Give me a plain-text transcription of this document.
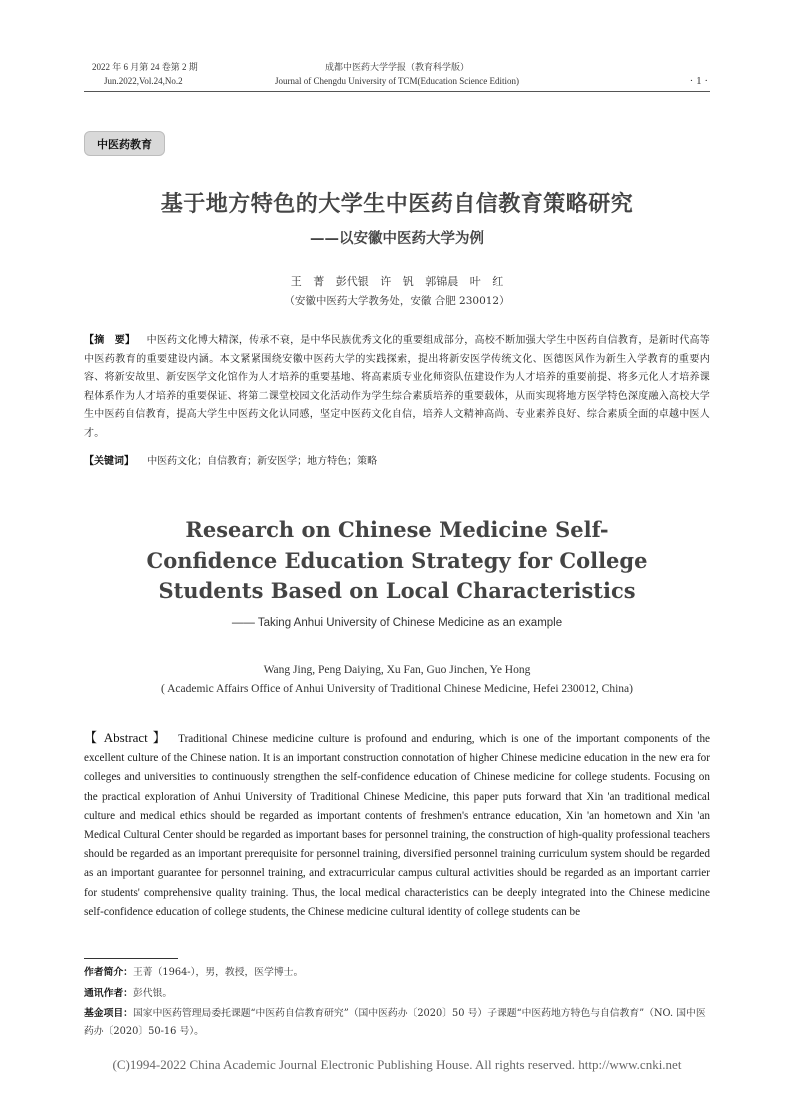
2022 年 6 月第 24 卷第 2 期
Jun.2022,Vol.24,No.2
成都中医药大学学报（教育科学版）
Journal of Chengdu University of TCM(Education Science Edition)	· 1 ·
中医药教育
基于地方特色的大学生中医药自信教育策略研究
——以安徽中医药大学为例
王 菁 彭代银 许 钒 郭锦晨 叶 红
（安徽中医药大学教务处，安徽 合肥 230012）
【摘　要】 中医药文化博大精深，传承不衰，是中华民族优秀文化的重要组成部分，高校不断加强大学生中医药自信教育，是新时代高等中医药教育的重要建设内涵。本文紧紧围绕安徽中医药大学的实践探索，提出将新安医学传统文化、医德医风作为新生入学教育的重要内容、将新安故里、新安医学文化馆作为人才培养的重要基地、将高素质专业化师资队伍建设作为人才培养的重要前提、将多元化人才培养课程体系作为人才培养的重要保证、将第二课堂校园文化活动作为学生综合素质培养的重要载体，从而实现将地方医学特色深度融入高校大学生中医药自信教育，提高大学生中医药文化认同感，坚定中医药文化自信，培养人文精神高尚、专业素养良好、综合素质全面的卓越中医人才。
【关键词】 中医药文化；自信教育；新安医学；地方特色；策略
Research on Chinese Medicine Self-
Confidence Education Strategy for College
Students Based on Local Characteristics
—— Taking Anhui University of Chinese Medicine as an example
Wang Jing, Peng Daiying, Xu Fan, Guo Jinchen, Ye Hong
( Academic Affairs Office of Anhui University of Traditional Chinese Medicine, Hefei 230012, China)
【 Abstract 】 Traditional Chinese medicine culture is profound and enduring, which is one of the important components of the excellent culture of the Chinese nation. It is an important construction connotation of higher Chinese medicine education in the new era for colleges and universities to continuously strengthen the self-confidence education of Chinese medicine for college students. Focusing on the practical exploration of Anhui University of Traditional Chinese Medicine, this paper puts forward that Xin 'an traditional medical culture and medical ethics should be regarded as important contents of freshmen's entrance education, Xin 'an hometown and Xin 'an Medical Cultural Center should be regarded as important bases for personnel training, the construction of high-quality professional teachers should be regarded as an important prerequisite for personnel training, diversified personnel training curriculum system should be regarded as an important guarantee for personnel training, and extracurricular campus cultural activities should be regarded as an important carrier for students' comprehensive quality training. Thus, the local medical characteristics can be deeply integrated into the Chinese medicine self-confidence education of college students, the Chinese medicine cultural identity of college students can be
作者简介：王菁（1964-），男，教授，医学博士。
通讯作者：彭代银。
基金项目：国家中医药管理局委托课题“中医药自信教育研究”（国中医药办〔2020〕50 号）子课题“中医药地方特色与自信教育”（NO. 国中医药办〔2020〕50-16 号）。
(C)1994-2022 China Academic Journal Electronic Publishing House. All rights reserved. http://www.cnki.net
